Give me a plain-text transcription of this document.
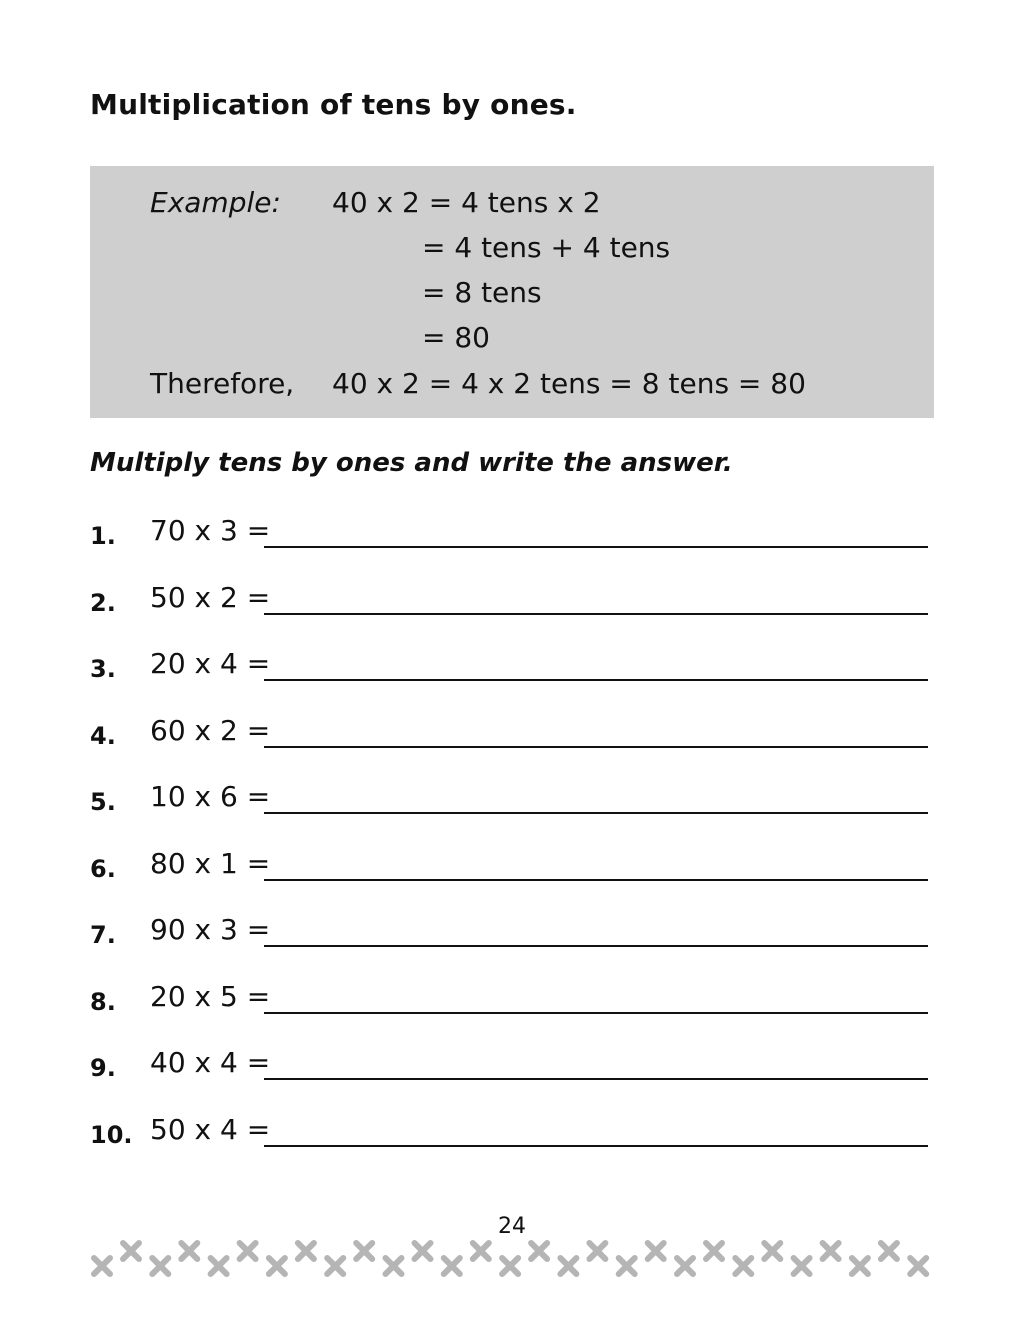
Multiplication of tens by ones.
Example: 40 x 2 = 4 tens x 2
= 4 tens + 4 tens
= 8 tens
= 80
Therefore, 40 x 2 = 4 x 2 tens = 8 tens = 80
Multiply tens by ones and write the answer.
1. 70 x 3 =
2. 50 x 2 =
3. 20 x 4 =
4. 60 x 2 =
5. 10 x 6 =
6. 80 x 1 =
7. 90 x 3 =
8. 20 x 5 =
9. 40 x 4 =
10. 50 x 4 =
24
